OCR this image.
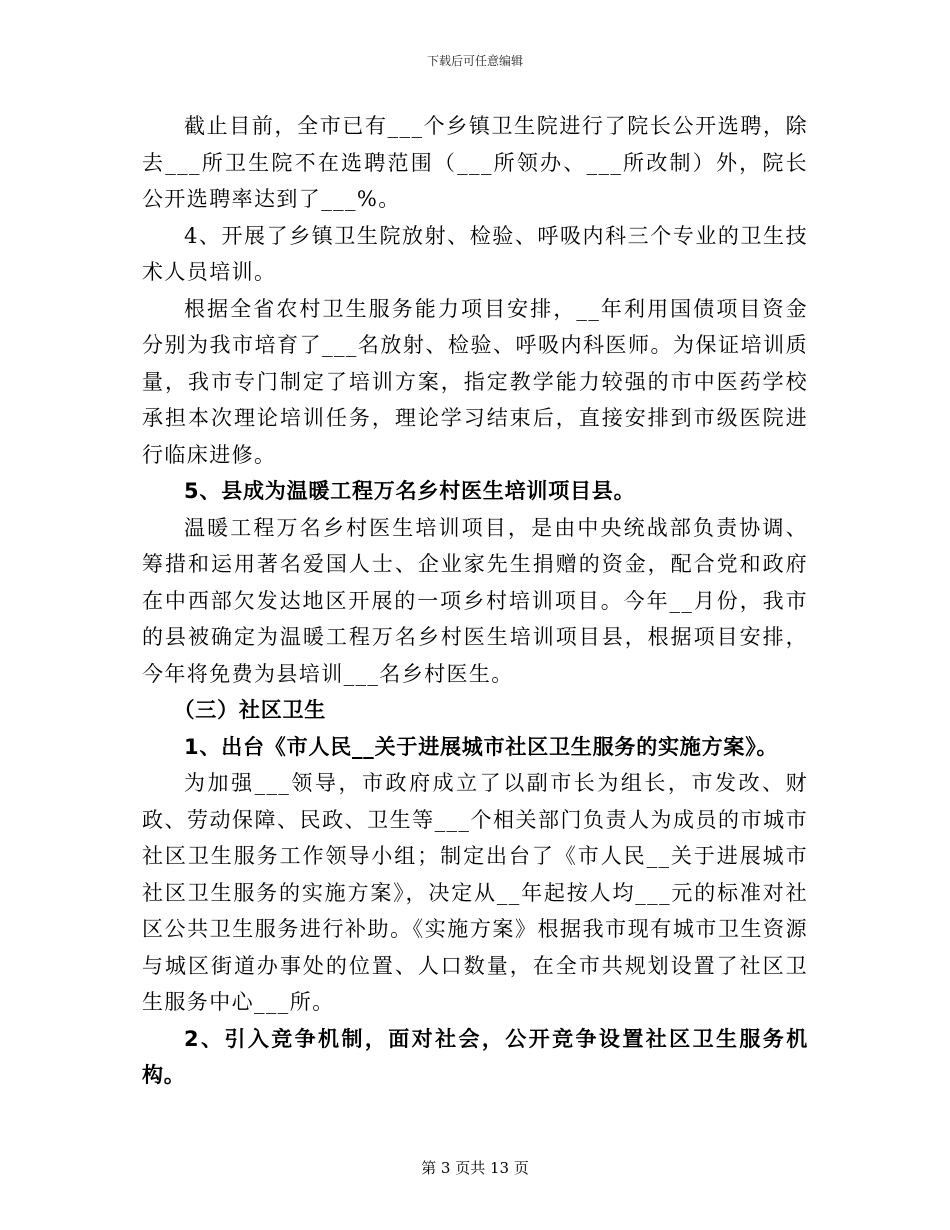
下载后可任意编辑

截止目前，全市已有___个乡镇卫生院进行了院长公开选聘，除去___所卫生院不在选聘范围（___所领办、___所改制）外，院长公开选聘率达到了___%。

4、开展了乡镇卫生院放射、检验、呼吸内科三个专业的卫生技术人员培训。

根据全省农村卫生服务能力项目安排，__年利用国债项目资金分别为我市培育了___名放射、检验、呼吸内科医师。为保证培训质量，我市专门制定了培训方案，指定教学能力较强的市中医药学校承担本次理论培训任务，理论学习结束后，直接安排到市级医院进行临床进修。

5、县成为温暖工程万名乡村医生培训项目县。

温暖工程万名乡村医生培训项目，是由中央统战部负责协调、筹措和运用著名爱国人士、企业家先生捐赠的资金，配合党和政府在中西部欠发达地区开展的一项乡村培训项目。今年__月份，我市的县被确定为温暖工程万名乡村医生培训项目县，根据项目安排，今年将免费为县培训___名乡村医生。

（三）社区卫生

1、出台《市人民__关于进展城市社区卫生服务的实施方案》。

为加强___领导，市政府成立了以副市长为组长，市发改、财政、劳动保障、民政、卫生等___个相关部门负责人为成员的市城市社区卫生服务工作领导小组；制定出台了《市人民__关于进展城市社区卫生服务的实施方案》，决定从__年起按人均___元的标准对社区公共卫生服务进行补助。《实施方案》根据我市现有城市卫生资源与城区街道办事处的位置、人口数量，在全市共规划设置了社区卫生服务中心___所。

2、引入竞争机制，面对社会，公开竞争设置社区卫生服务机构。

第 3 页共 13 页
